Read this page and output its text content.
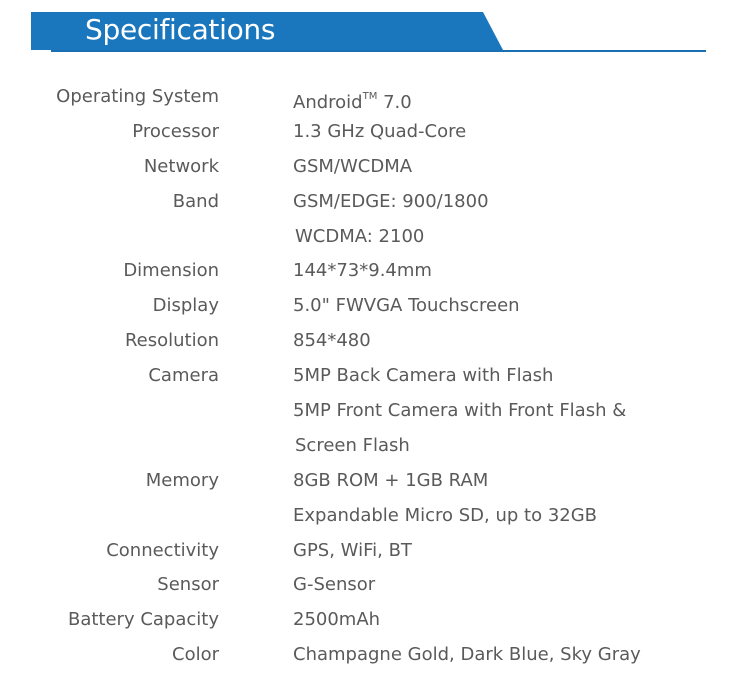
Specifications
Operating System	Android™ 7.0
Processor	1.3 GHz Quad-Core
Network	GSM/WCDMA
Band	GSM/EDGE: 900/1800
WCDMA: 2100
Dimension	144*73*9.4mm
Display	5.0" FWVGA Touchscreen
Resolution	854*480
Camera	5MP Back Camera with Flash
5MP Front Camera with Front Flash &
Screen Flash
Memory	8GB ROM + 1GB RAM
Expandable Micro SD, up to 32GB
Connectivity	GPS, WiFi, BT
Sensor	G-Sensor
Battery Capacity	2500mAh
Color	Champagne Gold, Dark Blue, Sky Gray
